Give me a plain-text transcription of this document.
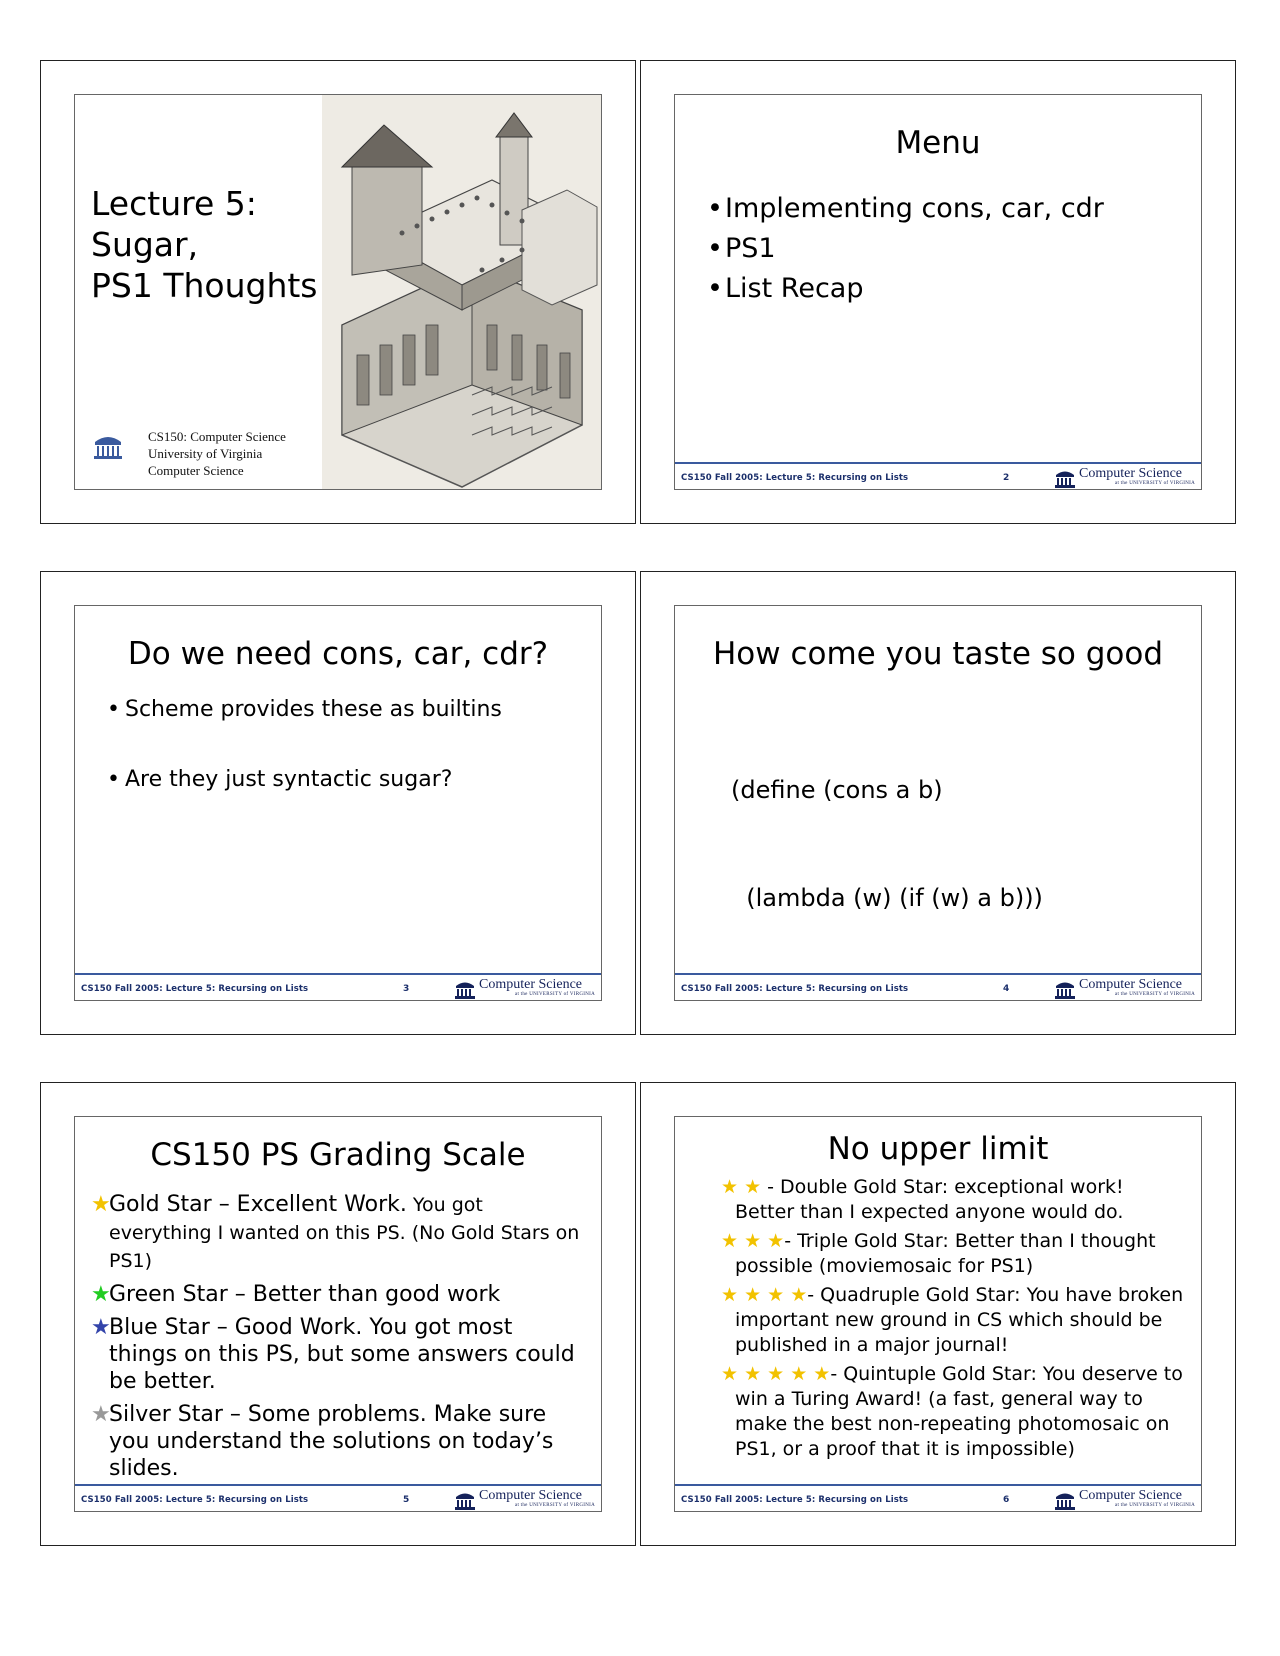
Lecture 5:
Sugar,
PS1 Thoughts
CS150: Computer Science
University of Virginia
Computer Science
Menu
• Implementing cons, car, cdr
• PS1
• List Recap
CS150 Fall 2005: Lecture 5: Recursing on Lists	2	Computer Science
at the UNIVERSITY of VIRGINIA
Do we need cons, car, cdr?
• Scheme provides these as builtins
• Are they just syntactic sugar?
CS150 Fall 2005: Lecture 5: Recursing on Lists	3	Computer Science
at the UNIVERSITY of VIRGINIA
How come you taste so good

(define (cons a b)

(lambda (w) (if (w) a b)))

CS150 Fall 2005: Lecture 5: Recursing on Lists	4	Computer Science
at the UNIVERSITY of VIRGINIA
CS150 PS Grading Scale
★
Gold Star – Excellent Work. You got everything I wanted on this PS. (No Gold Stars on PS1)
★
Green Star – Better than good work
★
Blue Star – Good Work. You got most things on this PS, but some answers could be better.
★
Silver Star – Some problems. Make sure you understand the solutions on today’s slides.
CS150 Fall 2005: Lecture 5: Recursing on Lists	5	Computer Science
at the UNIVERSITY of VIRGINIA
No upper limit
★ ★ - Double Gold Star: exceptional work!
Better than I expected anyone would do.
★ ★ ★- Triple Gold Star: Better than I thought
possible (moviemosaic for PS1)
★ ★ ★ ★- Quadruple Gold Star: You have broken
important new ground in CS which should be published in a major journal!
★ ★ ★ ★ ★- Quintuple Gold Star: You deserve to
win a Turing Award! (a fast, general way to make the best non-repeating photomosaic on PS1, or a proof that it is impossible)
CS150 Fall 2005: Lecture 5: Recursing on Lists	6	Computer Science
at the UNIVERSITY of VIRGINIA
